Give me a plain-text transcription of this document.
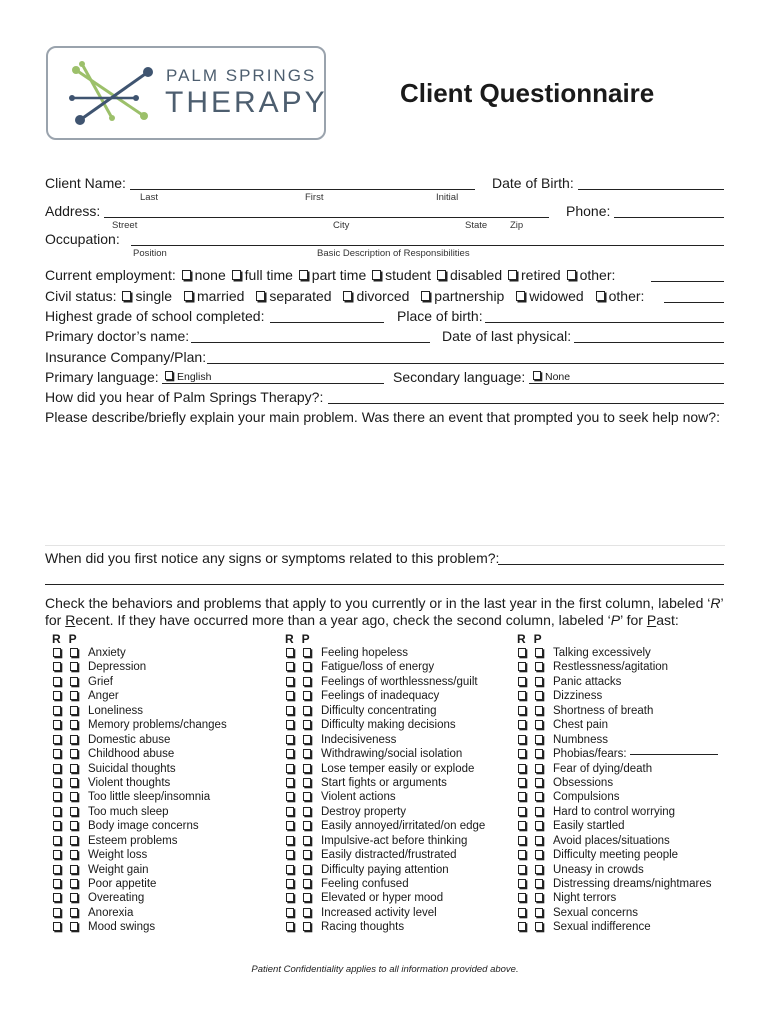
PALM SPRINGS
THERAPY	Client Questionnaire
Client Name:
Last	First	Initial
Date of Birth:
Address:
Street	City	State Zip
Phone:
Occupation:
Position	Basic Description of Responsibilities
Current employment: none full time part time student disabled retired other:
Civil status: single married separated divorced partnership widowed other:
Highest grade of school completed:	Place of birth:
Primary doctor’s name:	Date of last physical:
Insurance Company/Plan:
Primary language:	English	Secondary language:	None
How did you hear of Palm Springs Therapy?:
Please describe/briefly explain your main problem. Was there an event that prompted you to seek help now?:
When did you first notice any signs or symptoms related to this problem?:
Check the behaviors and problems that apply to you currently or in the last year in the first column, labeled ‘R’
for Recent. If they have occurred more than a year ago, check the second column, labeled ‘P’ for Past:
R P
Anxiety
Depression
Grief
Anger
Loneliness
Memory problems/changes
Domestic abuse
Childhood abuse
Suicidal thoughts
Violent thoughts
Too little sleep/insomnia
Too much sleep
Body image concerns
Esteem problems
Weight loss
Weight gain
Poor appetite
Overeating
Anorexia
Mood swings
R P
Feeling hopeless
Fatigue/loss of energy
Feelings of worthlessness/guilt
Feelings of inadequacy
Difficulty concentrating
Difficulty making decisions
Indecisiveness
Withdrawing/social isolation
Lose temper easily or explode
Start fights or arguments
Violent actions
Destroy property
Easily annoyed/irritated/on edge
Impulsive-act before thinking
Easily distracted/frustrated
Difficulty paying attention
Feeling confused
Elevated or hyper mood
Increased activity level
Racing thoughts
R P
Talking excessively
Restlessness/agitation
Panic attacks
Dizziness
Shortness of breath
Chest pain
Numbness
Phobias/fears:
Fear of dying/death
Obsessions
Compulsions
Hard to control worrying
Easily startled
Avoid places/situations
Difficulty meeting people
Uneasy in crowds
Distressing dreams/nightmares
Night terrors
Sexual concerns
Sexual indifference
Patient Confidentiality applies to all information provided above.
